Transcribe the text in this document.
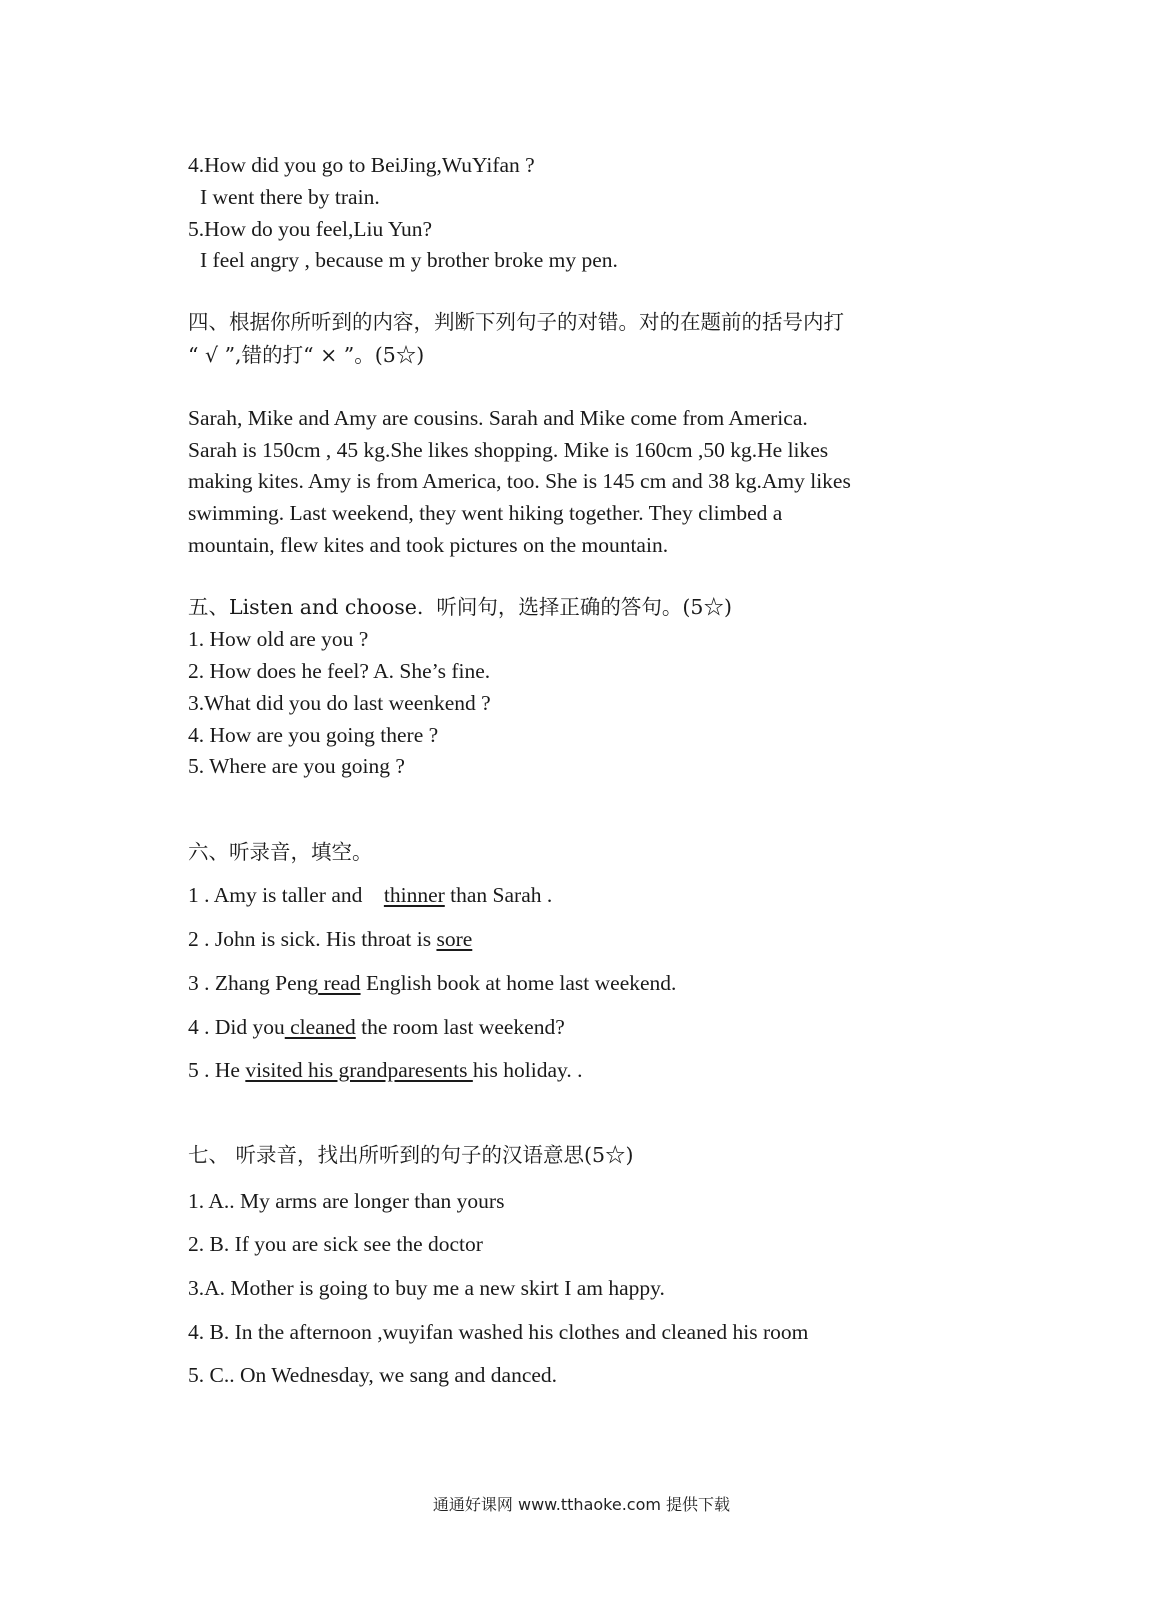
4.How did you go to BeiJing,WuYifan ?
I went there by train.
5.How do you feel,Liu Yun?
I feel angry , because m y brother broke my pen.
四、根据你所听到的内容，判断下列句子的对错。对的在题前的括号内打
“ √ ”,错的打“ × ”。(5☆)
Sarah, Mike and Amy are cousins. Sarah and Mike come from America.
Sarah is 150cm , 45 kg.She likes shopping. Mike is 160cm ,50 kg.He likes
making kites. Amy is from America, too. She is 145 cm and 38 kg.Amy likes
swimming. Last weekend, they went hiking together. They climbed a
mountain, flew kites and took pictures on the mountain.
五、Listen and choose.  听问句，选择正确的答句。(5☆)
1. How old are you ?
2. How does he feel? A. She’s fine.
3.What did you do last weenkend ?
4. How are you going there ?
5. Where are you going ?
六、听录音，填空。
1 . Amy is taller and    thinner than Sarah .
2 . John is sick. His throat is sore
3 . Zhang Peng read English book at home last weekend.
4 . Did you cleaned the room last weekend?
5 . He visited his grandparesents his holiday. .
七、 听录音，找出所听到的句子的汉语意思(5☆)
1. A.. My arms are longer than yours
2. B. If you are sick see the doctor
3.A. Mother is going to buy me a new skirt I am happy.
4. B. In the afternoon ,wuyifan washed his clothes and cleaned his room
5. C.. On Wednesday, we sang and danced.
通通好课网 www.tthaoke.com 提供下载
